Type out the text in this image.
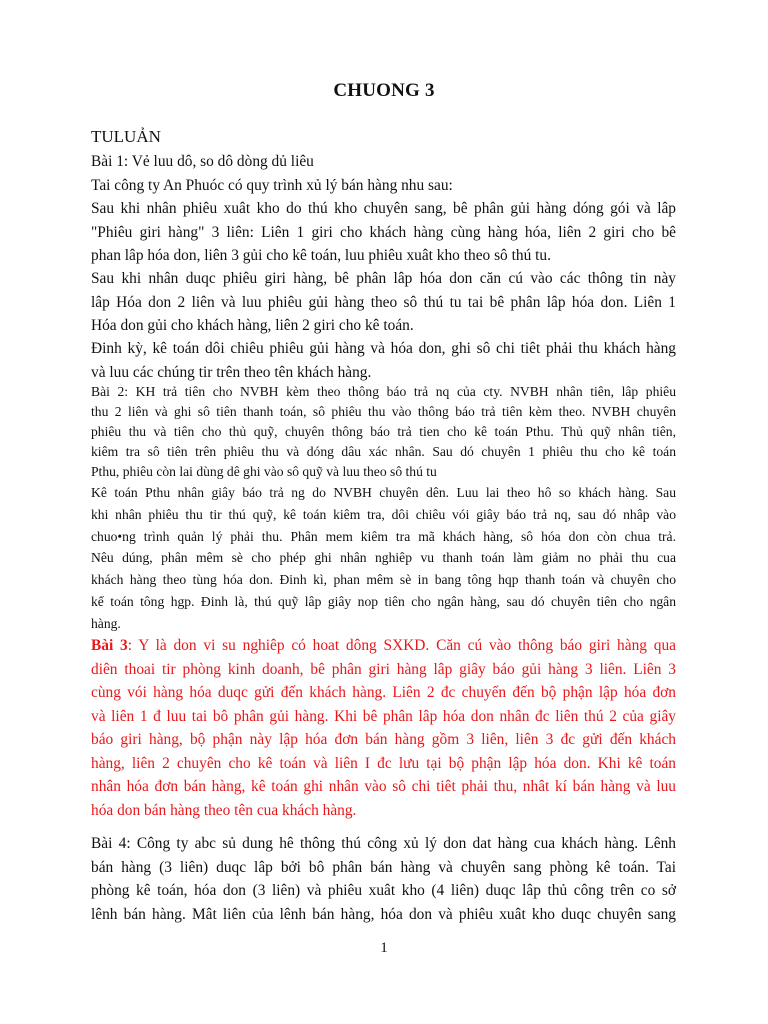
CHUONG 3
TULUẢN
Bài 1: Vẻ luu dô, so dô dòng dủ liêu
Tai công ty An Phuóc có quy trình xủ lý bán hàng nhu sau:
Sau khi nhân phiêu xuât kho do thú kho chuyên sang, bê phân gủi hàng dóng gói và lâp
"Phiêu giri hàng" 3 liên: Liên 1 giri cho khách hàng cùng hàng hóa, liên 2 giri cho bê
phan lâp hóa don, liên 3 gủi cho kê toán, luu phiêu xuât kho theo sô thú tu.
Sau khi nhân duqc phiêu giri hàng, bê phân lâp hóa don căn cú vào các thông tin này
lâp Hóa don 2 liên và luu phiêu gủi hàng theo sô thú tu tai bê phân lâp hóa don. Liên 1
Hóa don gủi cho khách hàng, liên 2 giri cho kê toán.
Đinh kỳ, kê toán dôi chiêu phiêu gủi hàng và hóa don, ghi sô chi tiêt phải thu khách hàng
và luu các chúng tir trên theo tên khách hàng.
Bài 2: KH trả tiên cho NVBH kèm theo thông báo trả nq của cty. NVBH nhân tiên, lâp phiêu
thu 2 liên và ghi sô tiên thanh toán, sô phiêu thu vào thông báo trả tiên kèm theo. NVBH chuyên
phiêu thu và tiên cho thủ quỹ, chuyên thông báo trả tien cho kê toán Pthu. Thủ quỹ nhân tiên,
kiêm tra sô tiên trên phiêu thu và dóng dâu xác nhân. Sau dó chuyên 1 phiêu thu cho kê toán
Pthu, phiêu còn lai dùng dê ghi vào sô quỹ và luu theo sô thú tu
Kê toán Pthu nhân giây báo trả ng do NVBH chuyên dên. Luu lai theo hô so khách hàng. Sau
khi nhân phiêu thu tir thú quỹ, kê toán kiêm tra, dôi chiêu vói giây báo trả nq, sau dó nhâp vào
chuo•ng trình quản lý phải thu. Phân mem kiêm tra mã khách hàng, sô hóa don còn chua trả.
Nêu dúng, phân mêm sè cho phép ghi nhân nghiêp vu thanh toán làm giảm no phải thu cua
khách hàng theo tùng hóa don. Đinh kì, phan mêm sè in bang tông hqp thanh toán và chuyên cho
kế toán tông hgp. Đinh là, thú quỹ lâp giây nop tiên cho ngân hàng, sau dó chuyên tiên cho ngân
hàng.
Bài 3: Y là don vi su nghiêp có hoat dông SXKD. Căn cú vào thông báo giri hàng qua
diên thoai tir phòng kinh doanh, bê phân giri hàng lâp giây báo gủi hàng 3 liên. Liên 3
cùng vói hàng hóa duqc gửi đến khách hàng. Liên 2 đc chuyển đến bộ phận lập hóa đơn
và liên 1 đ luu tai bô phân gủi hàng. Khi bê phân lâp hóa don nhân đc liên thú 2 của giây
báo giri hàng, bộ phận này lập hóa đơn bán hàng gồm 3 liên, liên 3 đc gửi đến khách
hàng, liên 2 chuyên cho kê toán và liên I đc lưu tại bộ phận lập hóa don. Khi kê toán
nhân hóa đơn bán hàng, kê toán ghi nhân vào sô chi tiêt phải thu, nhât kí bán hàng và luu
hóa don bán hàng theo tên cua khách hàng.
Bài 4: Công ty abc sủ dung hê thông thú công xủ lý don dat hàng cua khách hàng. Lênh
bán hàng (3 liên) duqc lâp bởi bô phân bán hàng và chuyên sang phòng kê toán. Tai
phòng kê toán, hóa don (3 liên) và phiêu xuât kho (4 liên) duqc lâp thủ công trên co sở
lênh bán hàng. Mât liên của lênh bán hàng, hóa don và phiêu xuât kho duqc chuyên sang
1
